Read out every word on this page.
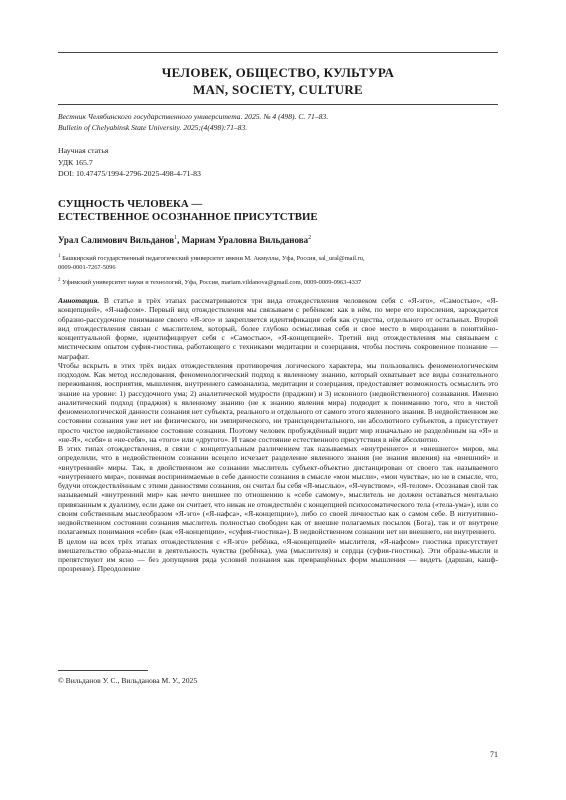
ЧЕЛОВЕК, ОБЩЕСТВО, КУЛЬТУРА
MAN, SOCIETY, CULTURE
Вестник Челябинского государственного университета. 2025. № 4 (498). С. 71–83.
Bulletin of Chelyabinsk State University. 2025;(4(498):71–83.
Научная статья
УДК 165.7
DOI: 10.47475/1994-2796-2025-498-4-71-83
СУЩНОСТЬ ЧЕЛОВЕКА —
ЕСТЕСТВЕННОЕ ОСОЗНАННОЕ ПРИСУТСТВИЕ
Урал Салимович Вильданов$^1$, Мариам Ураловна Вильданова$^2$
$^1$ Башкирский государственный педагогический университет имени М. Акмуллы, Уфа, Россия, sal_ural@mail.ru,
0009-0001-7267-5096
$^2$ Уфимский университет науки и технологий, Уфа, Россия, mariam.vildanova@gmail.com, 0009-0009-0963-4337

Аннотация. В статье в трёх этапах рассматриваются три вида отождествления человеком себя с «Я-эго», «Самостью», «Я-концепцией», «Я-нафсом». Первый вид отождествления мы связываем с ребёнком: как в нём, по мере его взросления, зарождается образно-рассудочное понимание своего «Я-эго» и закрепляется идентификация себя как существа, отдельного от остальных. Второй вид отождествления связан с мыслителем, который, более глубоко осмысливая себя и свое место в мироздании в понятийно-концептуальной форме, идентифицирует себя с «Самостью», «Я-концепцией». Третий вид отождествления мы связываем с мистическим опытом суфия-гностика, работающего с техниками медитации и созерцания, чтобы постичь сокровенное познание — маграфат.

Чтобы вскрыть в этих трёх видах отождествления противоречия логического характера, мы пользовались феноменологическим подходом. Как метод исследования, феноменологический подход к явленному знанию, который охватывает все виды сознательного переживания, восприятия, мышления, внутреннего самоанализа, медитации и созерцания, предоставляет возможность осмыслить это знание на уровне: 1) рассудочного ума; 2) аналитической мудрости (праджни) и 3) исконного (недвойственного) сознавания. Именно аналитический подход (праджня) к явленному знанию (не к знанию явления мира) подводит к пониманию того, что в чистой феноменологической данности сознания нет субъекта, реального и отдельного от самого этого явленного знания. В недвойственном же состоянии сознания уже нет ни физического, ни эмпирического, ни трансцендентального, ни абсолютного субъектов, а присутствует просто чистое недвойственное состояние сознания. Поэтому человек пробуждённый видит мир изначально не разделённым на «Я» и «не-Я», «себя» и «не-себя», на «того» или «другого». И такое состояние естественного присутствия в нём абсолютно.

В этих типах отождествления, в связи с концептуальным различением так называемых «внутреннего» и «внешнего» миров, мы определили, что в недвойственном сознании всецело исчезает разделение явленного знания (не знания явления) на «внешний» и «внутренний» миры. Так, в двойственном же сознании мыслитель субъект-объектно дистанцирован от своего так называемого «внутреннего мира», понимая воспринимаемые в себе данности сознания в смысле «мои мысли», «мои чувства», но не в смысле, что, будучи отождествлённым с этими данностями сознания, он считал бы себя «Я-мыслью», «Я-чувством», «Я-телом». Осознавая свой так называемый «внутренний мир» как нечто внешнее по отношению к «себе самому», мыслитель не должен оставаться ментально привязанным к дуализму, если даже он считает, что никак не отождествлён с концепцией психосоматического тела («тела-ума»), или со своим собственным мыслеобразом «Я-эго» («Я-нафса», «Я-концепции»), либо со своей личностью как о самом себе. В интуитивно-недвойственном состоянии сознания мыслитель полностью свободен как от внешне полагаемых посылок (Бога), так и от внутрене полагаемых понимания «себя» (как «Я-концепции», «суфия-гностика»). В недвойственном сознании нет ни внешнего, ни внутреннего.

В целом на всех трёх этапах отождествления с «Я-эго» ребёнка, «Я-концепцией» мыслителя, «Я-нафсом» гностика присутствует вмешательство образа-мысли в деятельность чувства (ребёнка), ума (мыслителя) и сердца (суфия-гностика). Эти образы-мысли и препятствуют им ясно — без допущения ряда условий познания как превращённых форм мышления — видеть (даршан, кашф-прозрение). Преодоление

© Вильданов У. С., Вильданова М. У., 2025
71
